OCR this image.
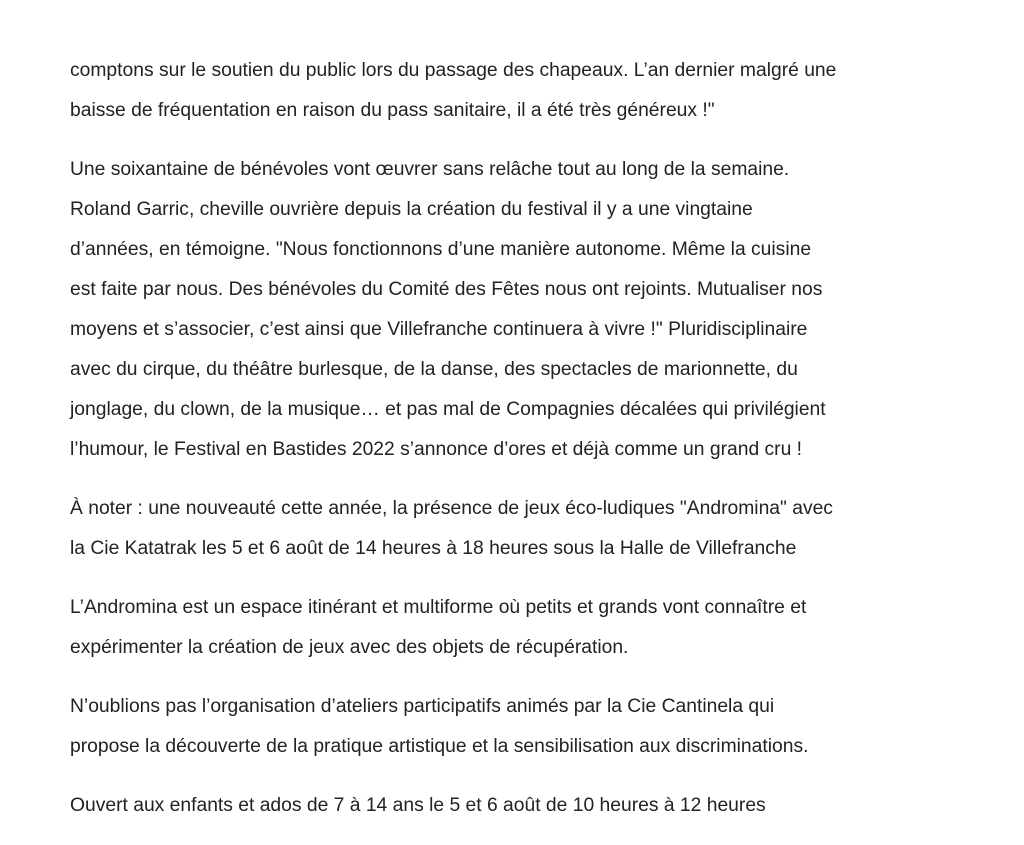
comptons sur le soutien du public lors du passage des chapeaux. L’an dernier malgré une
baisse de fréquentation en raison du pass sanitaire, il a été très généreux !"

Une soixantaine de bénévoles vont œuvrer sans relâche tout au long de la semaine.
Roland Garric, cheville ouvrière depuis la création du festival il y a une vingtaine
d’années, en témoigne. "Nous fonctionnons d’une manière autonome. Même la cuisine
est faite par nous. Des bénévoles du Comité des Fêtes nous ont rejoints. Mutualiser nos
moyens et s’associer, c’est ainsi que Villefranche continuera à vivre !" Pluridisciplinaire
avec du cirque, du théâtre burlesque, de la danse, des spectacles de marionnette, du
jonglage, du clown, de la musique… et pas mal de Compagnies décalées qui privilégient
l’humour, le Festival en Bastides 2022 s’annonce d’ores et déjà comme un grand cru !

À noter : une nouveauté cette année, la présence de jeux éco-ludiques "Andromina" avec
la Cie Katatrak les 5 et 6 août de 14 heures à 18 heures sous la Halle de Villefranche

L’Andromina est un espace itinérant et multiforme où petits et grands vont connaître et
expérimenter la création de jeux avec des objets de récupération.

N’oublions pas l’organisation d’ateliers participatifs animés par la Cie Cantinela qui
propose la découverte de la pratique artistique et la sensibilisation aux discriminations.

Ouvert aux enfants et ados de 7 à 14 ans le 5 et 6 août de 10 heures à 12 heures
